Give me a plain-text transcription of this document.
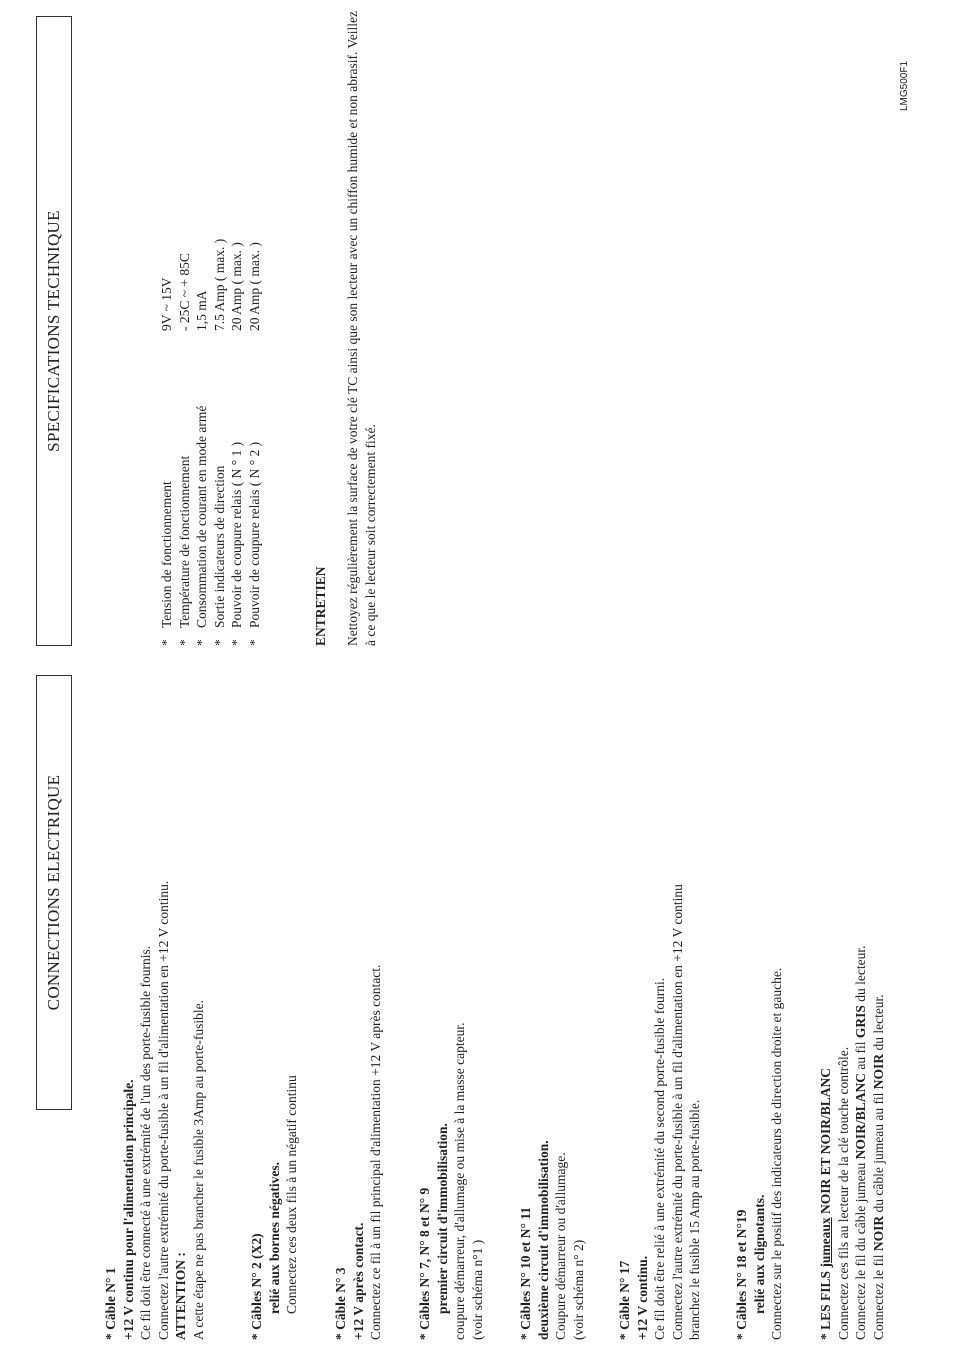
CONNECTIONS ELECTRIQUE
* Câble N° 1 +12 V continu pour l'alimentation principale. Ce fil doit être connecté à une extrémité de l'un des porte-fusible fournis. Connectez l'autre extrémité du porte-fusible à un fil d'alimentation en +12 V continu. ATTENTION : A cette étape ne pas brancher le fusible 3Amp au porte-fusible.	* Câbles N° 2 (X2) relié aux bornes négatives. Connectez ces deux fils à un négatif continu	* Câble N° 3 +12 V après contact. Connectez ce fil à un fil principal d'alimentation +12 V après contact.	* Câbles N° 7, N° 8 et N° 9 premier circuit d'immobilisation. coupure démarreur, d'allumage ou mise à la masse capteur. (voir schéma n°1 ) * Câbles N° 10 et N° 11 deuxième circuit d'immobilisation. Coupure démarreur ou d'allumage. (voir schéma n° 2) * Câble N° 17 +12 V continu. Ce fil doit être relié à une extrémité du second porte-fusible fourni. Connectez l'autre extrémité du porte-fusible à un fil d'alimentation en +12 V continu branchez le fusible 15 Amp au porte-fusible. * Câbles N° 18 et N°19 relié aux clignotants. Connectez sur le positif des indicateurs de direction droite et gauche.	* LES FILS jumeaux NOIR ET NOIR/BLANC Connectez ces fils au lecteur de la clé touche contrôle. Connectez le fil du câble jumeau NOIR/BLANC au fil GRIS du lecteur.
Connectez le fil NOIR du câble jumeau au fil NOIR du lecteur.
SPECIFICATIONS TECHNIQUE
*
Tension de fonctionnement
9V ~ 15V
*
Température de fonctionnement
- 25C ~ + 85C
*
Consommation de courant en mode armé
1,5 mA
*
Sortie indicateurs de direction
7.5 Amp ( max. )
*
Pouvoir de coupure relais ( N ° 1 )
20 Amp ( max. )
*
Pouvoir de coupure relais ( N ° 2 )
20 Amp ( max. )
ENTRETIEN Nettoyez régulièrement la surface de votre clé TC ainsi que son lecteur avec un chiffon humide et non abrasif. Veillez à ce que le lecteur soit correctement fixé.
LMG500F1
